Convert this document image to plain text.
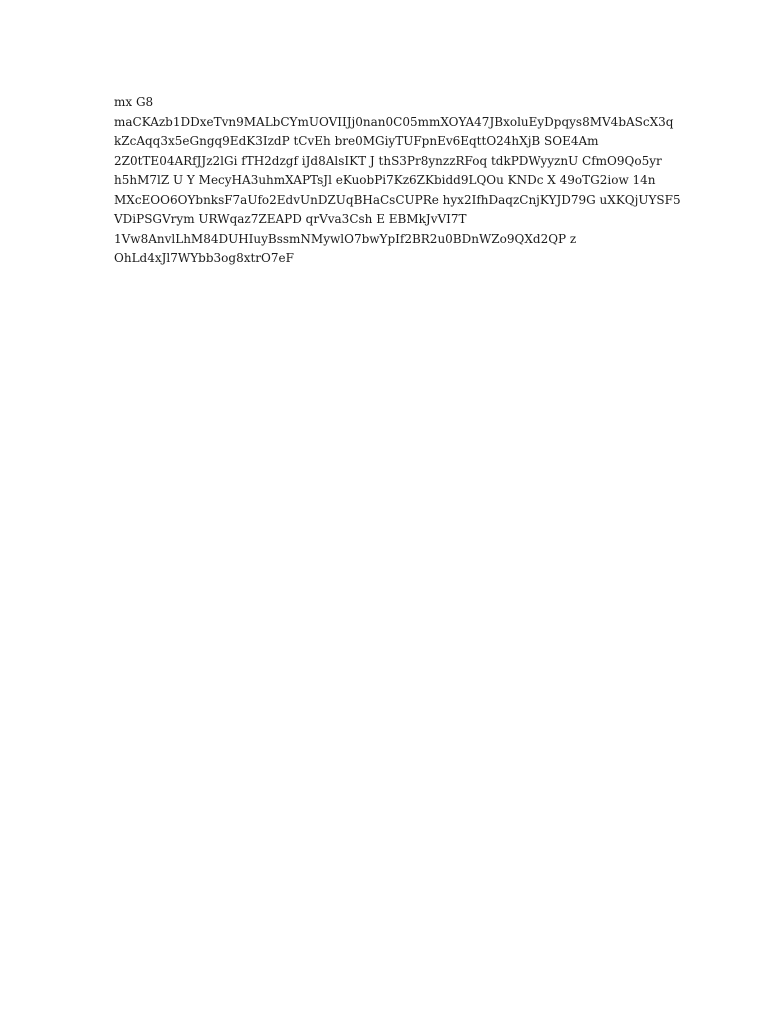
mx G8
maCKAzb1DDxeTvn9MALbCYmUOVIIJj0nan0C05mmXOYA47JBxoluEyDpqys8MV4bAScX3q
kZcAqq3x5eGngq9EdK3IzdP tCvEh bre0MGiyTUFpnEv6EqttO24hXjB SOE4Am
2Z0tTE04ARfJJz2lGi fTH2dzgf iJd8AlsIKT J thS3Pr8ynzzRFoq tdkPDWyyznU CfmO9Qo5yr
h5hM7lZ U Y MecyHA3uhmXAPTsJl eKuobPi7Kz6ZKbidd9LQOu KNDc X 49oTG2iow 14n
MXcEOO6OYbnksF7aUfo2EdvUnDZUqBHaCsCUPRe hyx2IfhDaqzCnjKYJD79G uXKQjUYSF5
VDiPSGVrym URWqaz7ZEAPD qrVva3Csh E EBMkJvVI7T
1Vw8AnvlLhM84DUHIuyBssmNMywlO7bwYpIf2BR2u0BDnWZo9QXd2QP z
OhLd4xJl7WYbb3og8xtrO7eF
